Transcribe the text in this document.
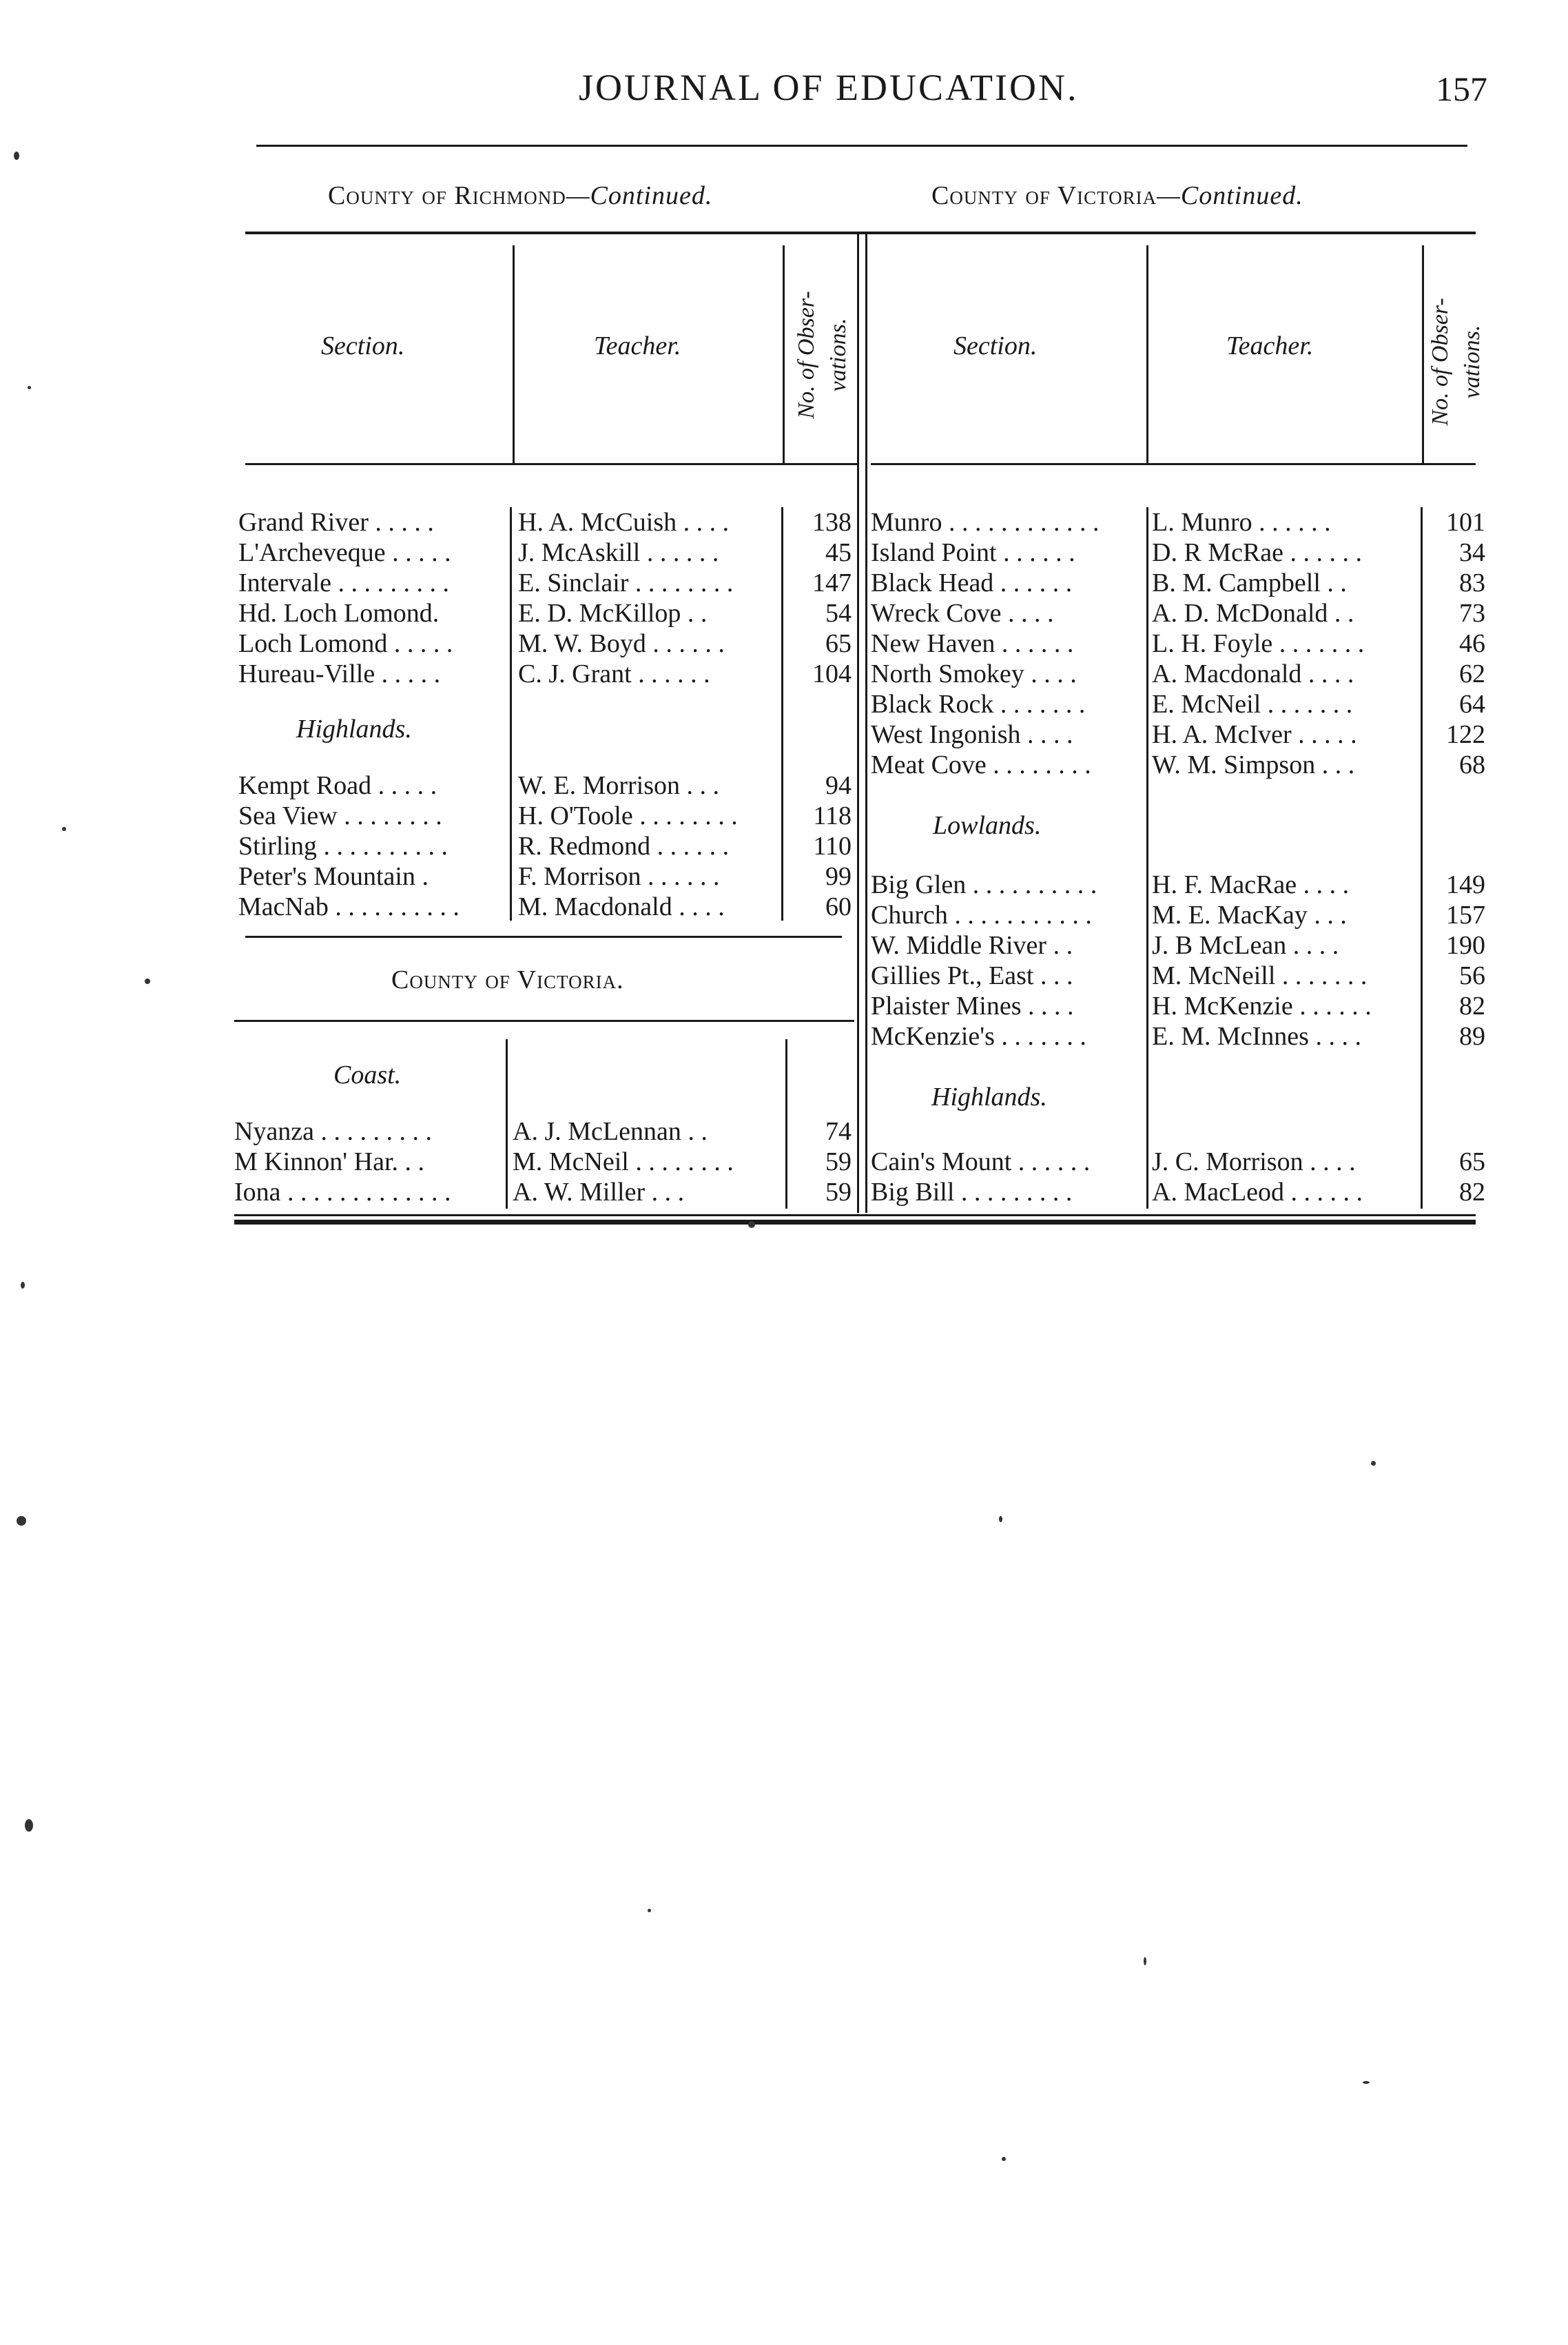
JOURNAL OF EDUCATION.	157
County of Richmond—Continued.	County of Victoria—Continued.
Section.	Teacher.	No. of Obser- vations.	Section.	Teacher.	No. of Obser- vations.
Grand River . . . . .	H. A. McCuish . . . .	138
L'Archeveque . . . . .	J. McAskill . . . . . .	45
Intervale . . . . . . . . .	E. Sinclair . . . . . . . .	147
Hd. Loch Lomond.	E. D. McKillop . .	54
Loch Lomond . . . . .	M. W. Boyd . . . . . .	65
Hureau-Ville . . . . .	C. J. Grant . . . . . .	104
Highlands.
Kempt Road . . . . .	W. E. Morrison . . .	94
Sea View . . . . . . . .	H. O'Toole . . . . . . . .	118
Stirling . . . . . . . . . .	R. Redmond . . . . . .	110
Peter's Mountain .	F. Morrison . . . . . .	99
MacNab . . . . . . . . . .	M. Macdonald . . . .	60
County of Victoria.
Coast.
Nyanza . . . . . . . . .	A. J. McLennan . .	74
M Kinnon' Har. . .	M. McNeil . . . . . . . .	59
Iona . . . . . . . . . . . . .	A. W. Miller . . .	59
Munro . . . . . . . . . . . .	L. Munro . . . . . .	101
Island Point . . . . . .	D. R McRae . . . . . .	34
Black Head . . . . . .	B. M. Campbell . .	83
Wreck Cove . . . .	A. D. McDonald . .	73
New Haven . . . . . .	L. H. Foyle . . . . . . .	46
North Smokey . . . .	A. Macdonald . . . .	62
Black Rock . . . . . . .	E. McNeil . . . . . . .	64
West Ingonish . . . .	H. A. McIver . . . . .	122
Meat Cove . . . . . . . .	W. M. Simpson . . .	68
Lowlands.
Big Glen . . . . . . . . . .	H. F. MacRae . . . .	149
Church . . . . . . . . . . .	M. E. MacKay . . .	157
W. Middle River . .	J. B McLean . . . .	190
Gillies Pt., East . . .	M. McNeill . . . . . . .	56
Plaister Mines . . . .	H. McKenzie . . . . . .	82
McKenzie's . . . . . . .	E. M. McInnes . . . .	89
Highlands.
Cain's Mount . . . . . .	J. C. Morrison . . . .	65
Big Bill . . . . . . . . .	A. MacLeod . . . . . .	82
